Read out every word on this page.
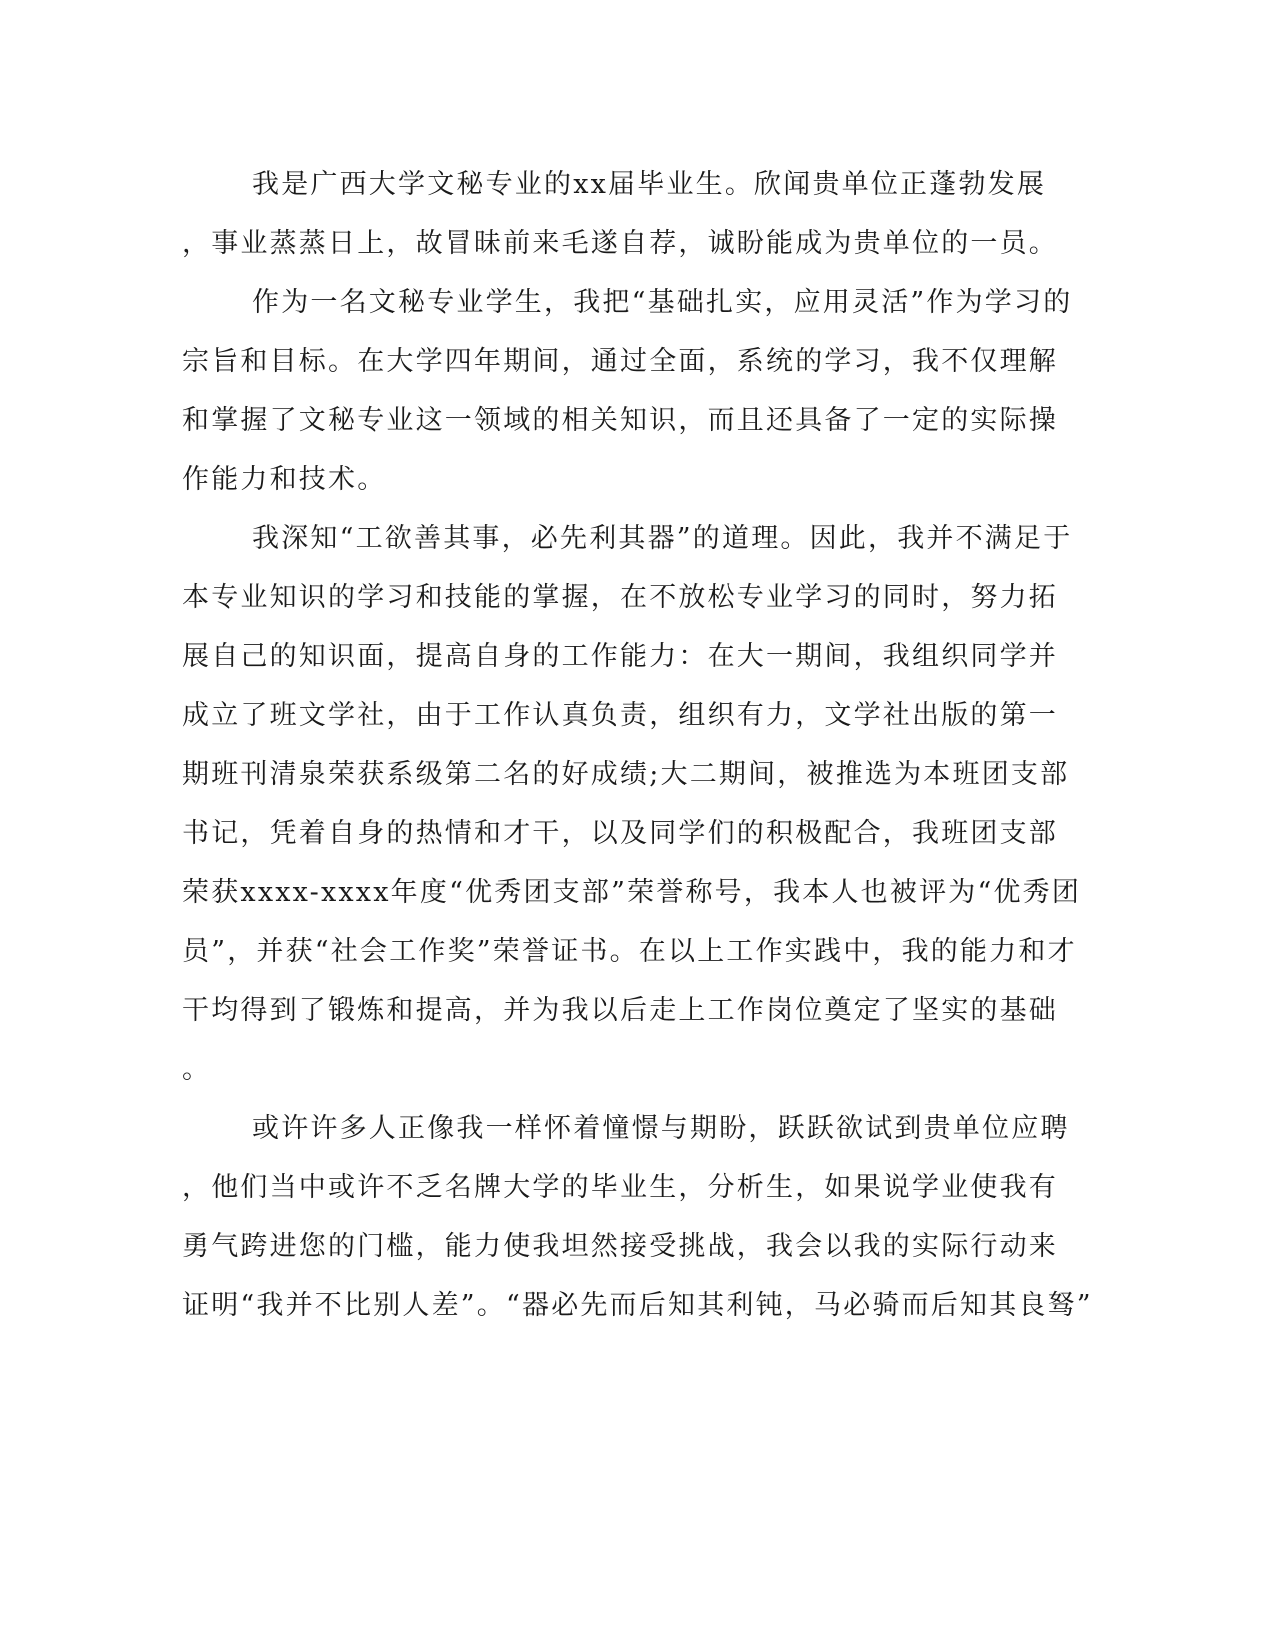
我是广西大学文秘专业的xx届毕业生。欣闻贵单位正蓬勃发展
，事业蒸蒸日上，故冒昧前来毛遂自荐，诚盼能成为贵单位的一员。
作为一名文秘专业学生，我把“基础扎实，应用灵活”作为学习的
宗旨和目标。在大学四年期间，通过全面，系统的学习，我不仅理解
和掌握了文秘专业这一领域的相关知识，而且还具备了一定的实际操
作能力和技术。
我深知“工欲善其事，必先利其器”的道理。因此，我并不满足于
本专业知识的学习和技能的掌握，在不放松专业学习的同时，努力拓
展自己的知识面，提高自身的工作能力：在大一期间，我组织同学并
成立了班文学社，由于工作认真负责，组织有力，文学社出版的第一
期班刊清泉荣获系级第二名的好成绩;大二期间，被推选为本班团支部
书记，凭着自身的热情和才干，以及同学们的积极配合，我班团支部
荣获xxxx-xxxx年度“优秀团支部”荣誉称号，我本人也被评为“优秀团
员”，并获“社会工作奖”荣誉证书。在以上工作实践中，我的能力和才
干均得到了锻炼和提高，并为我以后走上工作岗位奠定了坚实的基础
。
或许许多人正像我一样怀着憧憬与期盼，跃跃欲试到贵单位应聘
，他们当中或许不乏名牌大学的毕业生，分析生，如果说学业使我有
勇气跨进您的门槛，能力使我坦然接受挑战，我会以我的实际行动来
证明“我并不比别人差”。“器必先而后知其利钝，马必骑而后知其良驽”
